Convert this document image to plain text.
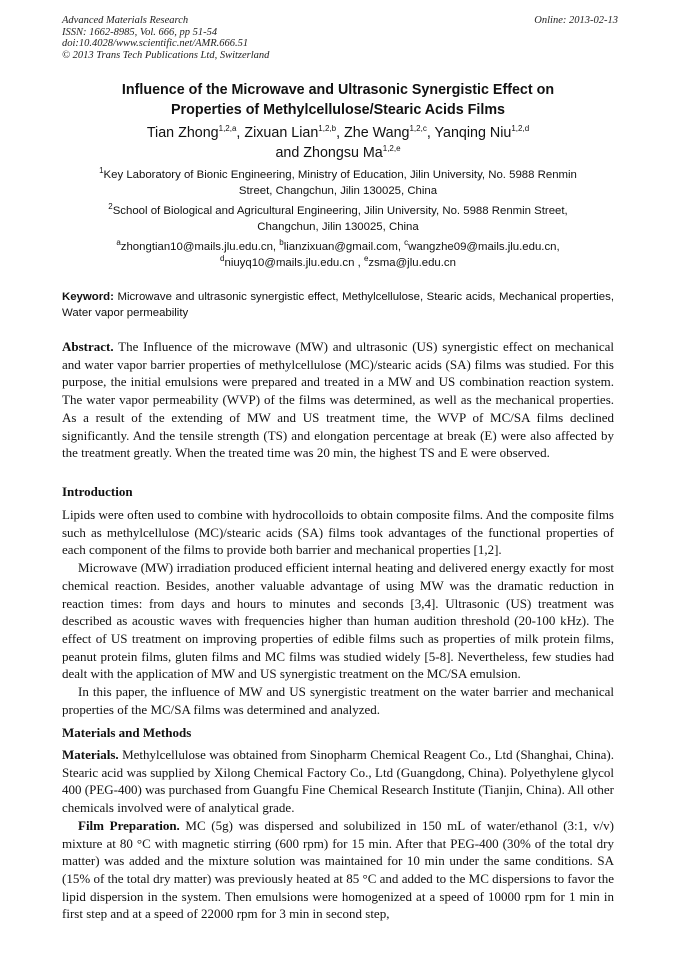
Advanced Materials Research
ISSN: 1662-8985, Vol. 666, pp 51-54
doi:10.4028/www.scientific.net/AMR.666.51
© 2013 Trans Tech Publications Ltd, Switzerland
Online: 2013-02-13
Influence of the Microwave and Ultrasonic Synergistic Effect on
Properties of Methylcellulose/Stearic Acids Films
Tian Zhong$^{1,2,a}$, Zixuan Lian$^{1,2,b}$, Zhe Wang$^{1,2,c}$, Yanqing Niu$^{1,2,d}$
and Zhongsu Ma$^{1,2,e}$
$^1$Key Laboratory of Bionic Engineering, Ministry of Education, Jilin University, No. 5988 Renmin
Street, Changchun, Jilin 130025, China
$^2$School of Biological and Agricultural Engineering, Jilin University, No. 5988 Renmin Street,
Changchun, Jilin 130025, China
$^a$zhongtian10@mails.jlu.edu.cn, $^b$lianzixuan@gmail.com, $^c$wangzhe09@mails.jlu.edu.cn,
$^d$niuyq10@mails.jlu.edu.cn , $^e$zsma@jlu.edu.cn
Keyword: Microwave and ultrasonic synergistic effect, Methylcellulose, Stearic acids, Mechanical properties, Water vapor permeability

Abstract. The Influence of the microwave (MW) and ultrasonic (US) synergistic effect on mechanical and water vapor barrier properties of methylcellulose (MC)/stearic acids (SA) films was studied. For this purpose, the initial emulsions were prepared and treated in a MW and US combination reaction system. The water vapor permeability (WVP) of the films was determined, as well as the mechanical properties. As a result of the extending of MW and US treatment time, the WVP of MC/SA films declined significantly. And the tensile strength (TS) and elongation percentage at break (E) were also affected by the treatment greatly. When the treated time was 20 min, the highest TS and E were observed.

Introduction

Lipids were often used to combine with hydrocolloids to obtain composite films. And the composite films such as methylcellulose (MC)/stearic acids (SA) films took advantages of the functional properties of each component of the films to provide both barrier and mechanical properties [1,2].

Microwave (MW) irradiation produced efficient internal heating and delivered energy exactly for most chemical reaction. Besides, another valuable advantage of using MW was the dramatic reduction in reaction times: from days and hours to minutes and seconds [3,4]. Ultrasonic (US) treatment was described as acoustic waves with frequencies higher than human audition threshold (20-100 kHz). The effect of US treatment on improving properties of edible films such as properties of milk protein films, peanut protein films, gluten films and MC films was studied widely [5-8]. Nevertheless, few studies had dealt with the application of MW and US synergistic treatment on the MC/SA emulsion.

In this paper, the influence of MW and US synergistic treatment on the water barrier and mechanical properties of the MC/SA films was determined and analyzed.

Materials and Methods

Materials. Methylcellulose was obtained from Sinopharm Chemical Reagent Co., Ltd (Shanghai, China). Stearic acid was supplied by Xilong Chemical Factory Co., Ltd (Guangdong, China). Polyethylene glycol 400 (PEG-400) was purchased from Guangfu Fine Chemical Research Institute (Tianjin, China). All other chemicals involved were of analytical grade.

Film Preparation. MC (5g) was dispersed and solubilized in 150 mL of water/ethanol (3:1, v/v) mixture at 80 °C with magnetic stirring (600 rpm) for 15 min. After that PEG-400 (30% of the total dry matter) was added and the mixture solution was maintained for 10 min under the same conditions. SA (15% of the total dry matter) was previously heated at 85 °C and added to the MC dispersions to favor the lipid dispersion in the system. Then emulsions were homogenized at a speed of 10000 rpm for 1 min in first step and at a speed of 22000 rpm for 3 min in second step,
